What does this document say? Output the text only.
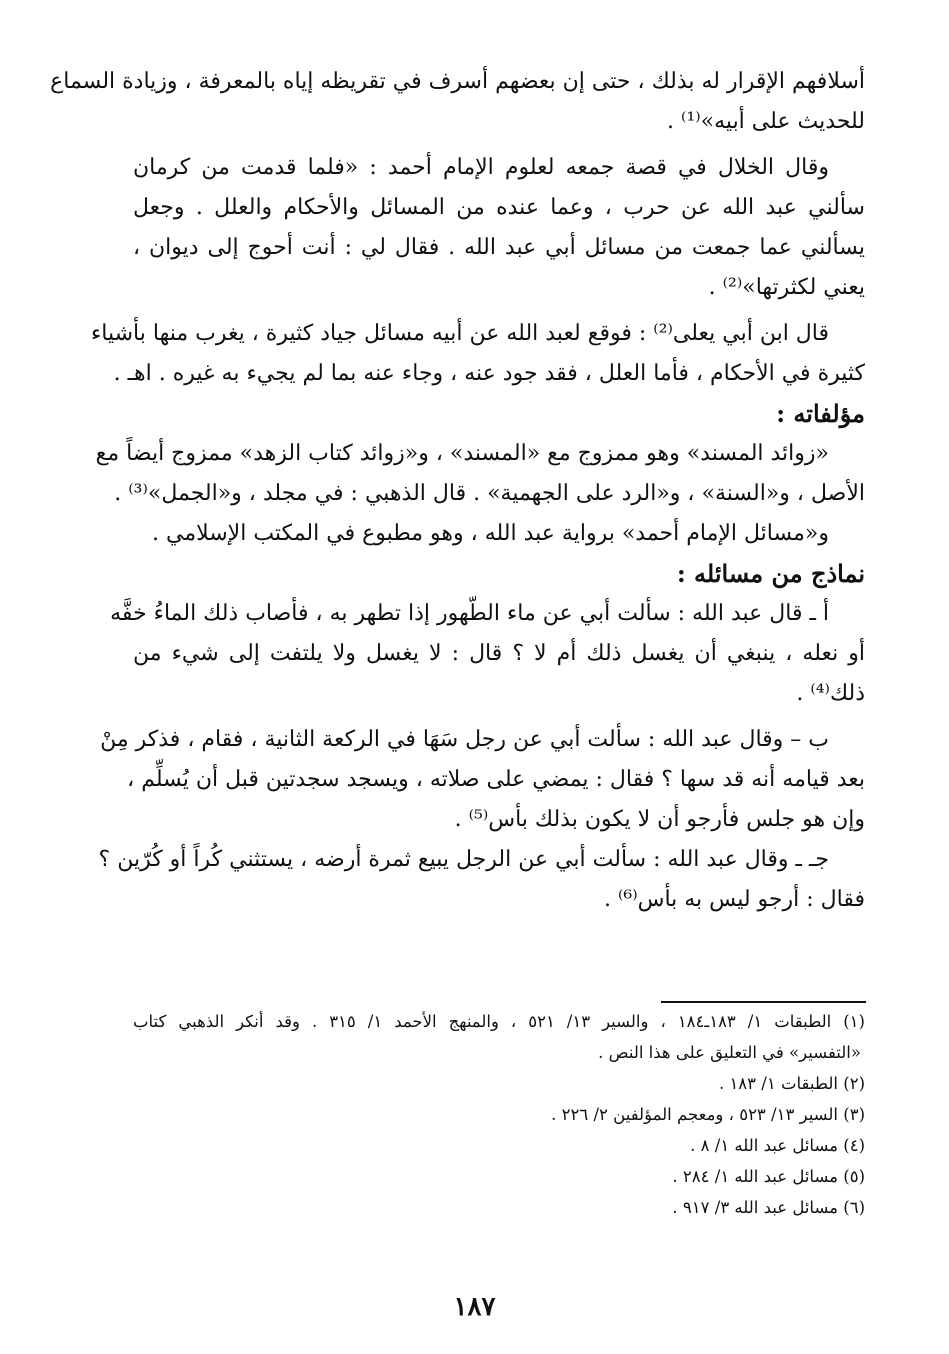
أسلافهم الإقرار له بذلك ، حتى إن بعضهم أسرف في تقريظه إياه بالمعرفة ، وزيادة السماع
للحديث على أبيه»⁽¹⁾ .
وقال الخلال في قصة جمعه لعلوم الإمام أحمد : «فلما قدمت من كرمان
سألني عبد الله عن حرب ، وعما عنده من المسائل والأحكام والعلل . وجعل
يسألني عما جمعت من مسائل أبي عبد الله . فقال لي : أنت أحوج إلى ديوان ،
يعني لكثرتها»⁽²⁾ .
قال ابن أبي يعلى⁽²⁾ : فوقع لعبد الله عن أبيه مسائل جياد كثيرة ، يغرب منها بأشياء
كثيرة في الأحكام ، فأما العلل ، فقد جود عنه ، وجاء عنه بما لم يجيء به غيره . اهـ .
مؤلفاته :
«زوائد المسند» وهو ممزوج مع «المسند» ، و«زوائد كتاب الزهد» ممزوج أيضاً مع
الأصل ، و«السنة» ، و«الرد على الجهمية» . قال الذهبي : في مجلد ، و«الجمل»⁽³⁾ .
و«مسائل الإمام أحمد» برواية عبد الله ، وهو مطبوع في المكتب الإسلامي .
نماذج من مسائله :
أ ـ قال عبد الله : سألت أبي عن ماء الطّهور إذا تطهر به ، فأصاب ذلك الماءُ خفَّه
أو نعله ، ينبغي أن يغسل ذلك أم لا ؟ قال : لا يغسل ولا يلتفت إلى شيء من
ذلك⁽⁴⁾ .
ب – وقال عبد الله : سألت أبي عن رجل سَهَا في الركعة الثانية ، فقام ، فذكر مِنْ
بعد قيامه أنه قد سها ؟ فقال : يمضي على صلاته ، ويسجد سجدتين قبل أن يُسلِّم ،
وإن هو جلس فأرجو أن لا يكون بذلك بأس⁽⁵⁾ .
جـ ـ وقال عبد الله : سألت أبي عن الرجل يبيع ثمرة أرضه ، يستثني كُراً أو كُرّين ؟
فقال : أرجو ليس به بأس⁽⁶⁾ .
(١) الطبقات ١/ ١٨٣ـ١٨٤ ، والسير ١٣/ ٥٢١ ، والمنهج الأحمد ١/ ٣١٥ . وقد أنكر الذهبي كتاب
«التفسير» في التعليق على هذا النص .
(٢) الطبقات ١/ ١٨٣ .
(٣) السير ١٣/ ٥٢٣ ، ومعجم المؤلفين ٢/ ٢٢٦ .
(٤) مسائل عبد الله ١/ ٨ .
(٥) مسائل عبد الله ١/ ٢٨٤ .
(٦) مسائل عبد الله ٣/ ٩١٧ .
١٨٧
